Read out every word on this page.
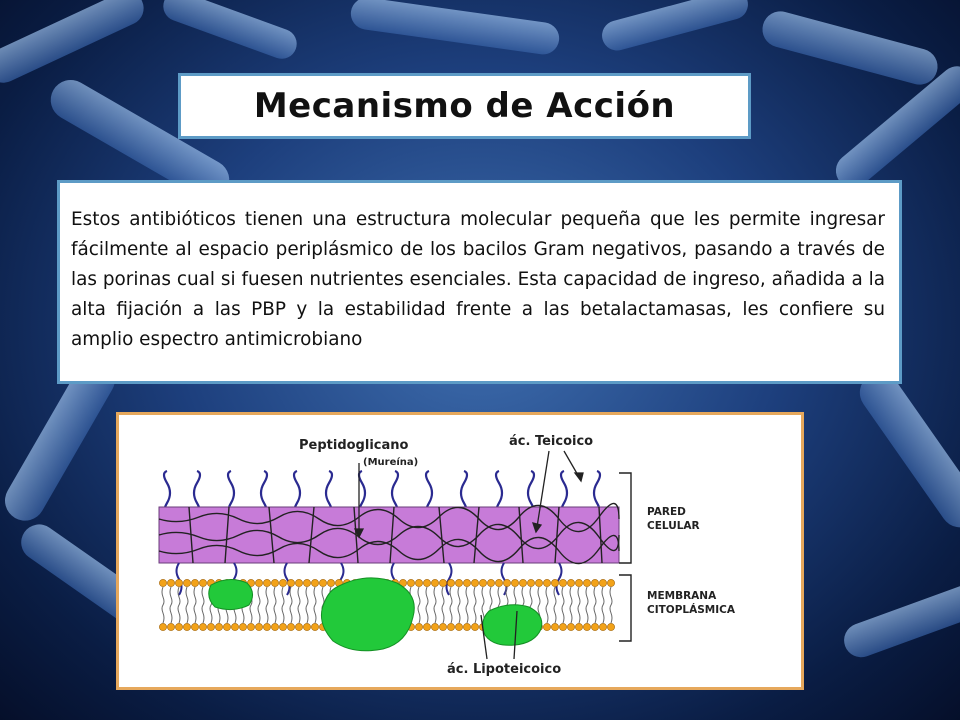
Mecanismo de Acción

Estos antibióticos tienen una estructura molecular pequeña que les permite ingresar fácilmente al espacio periplásmico de los bacilos Gram negativos, pasando a través de las porinas cual si fuesen nutrientes esenciales. Esta capacidad de ingreso, añadida a la alta fijación a las PBP y la estabilidad frente a las betalactamasas, les confiere su amplio espectro antimicrobiano

Peptidoglicano
(Mureína)
ác. Teicoico
ác. Lipoteicoico
PARED
CELULAR
MEMBRANA
CITOPLÁSMICA
